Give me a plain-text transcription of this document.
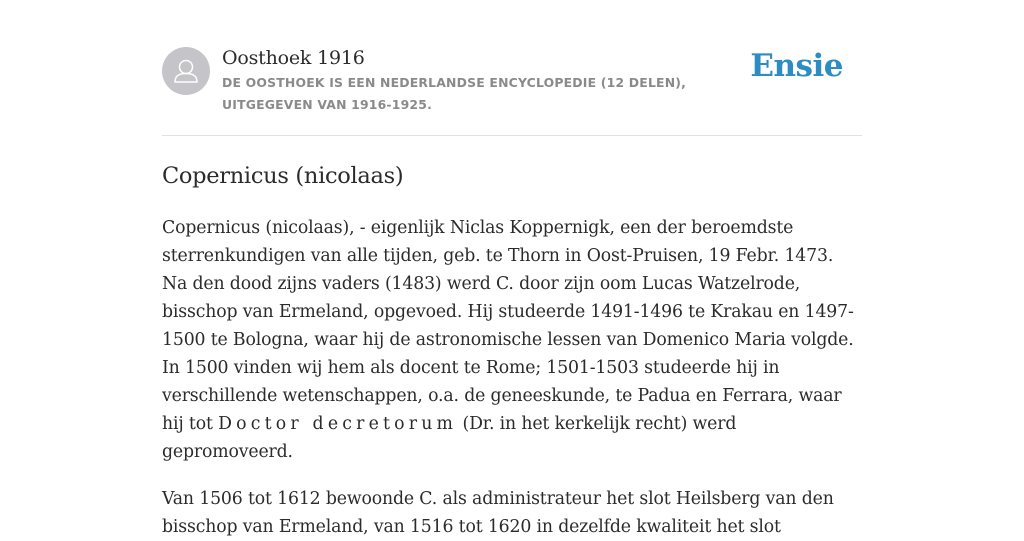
Oosthoek 1916
DE OOSTHOEK IS EEN NEDERLANDSE ENCYCLOPEDIE (12 DELEN), UITGEGEVEN VAN 1916-1925.
Ensie
Copernicus (nicolaas)

Copernicus (nicolaas), - eigenlijk Niclas Koppernigk, een der beroemdste sterrenkundigen van alle tijden, geb. te Thorn in Oost-Pruisen, 19 Febr. 1473. Na den dood zijns vaders (1483) werd C. door zijn oom Lucas Watzelrode, bisschop van Ermeland, opgevoed. Hij studeerde 1491-1496 te Krakau en 1497-1500 te Bologna, waar hij de astronomische lessen van Domenico Maria volgde. In 1500 vinden wij hem als docent te Rome; 1501-1503 studeerde hij in verschillende wetenschappen, o.a. de geneeskunde, te Padua en Ferrara, waar hij tot Doctor decretorum (Dr. in het kerkelijk recht) werd gepromoveerd.

Van 1506 tot 1612 bewoonde C. als administrateur het slot Heilsberg van den bisschop van Ermeland, van 1516 tot 1620 in dezelfde kwaliteit het slot
